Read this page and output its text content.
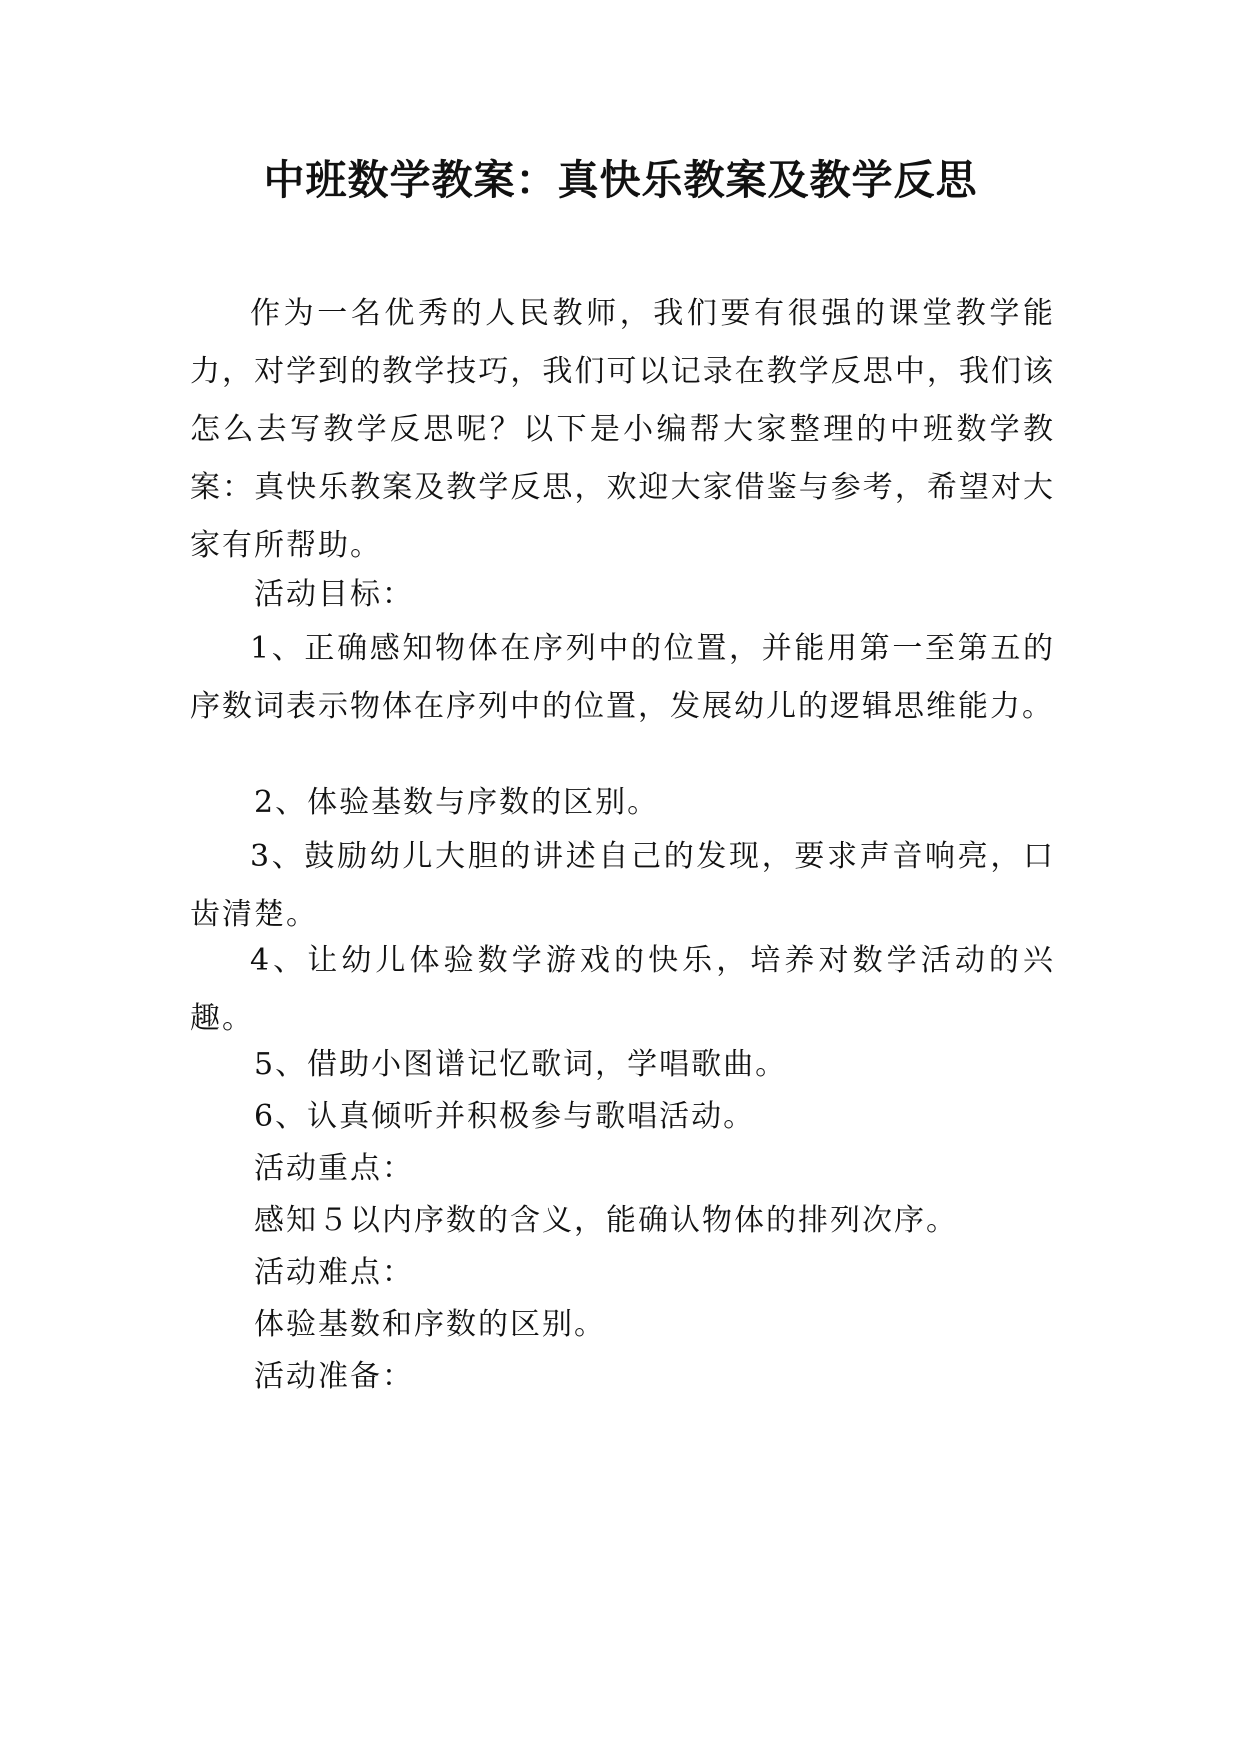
中班数学教案：真快乐教案及教学反思
作为一名优秀的人民教师，我们要有很强的课堂教学能力，对学到的教学技巧，我们可以记录在教学反思中，我们该怎么去写教学反思呢？以下是小编帮大家整理的中班数学教案：真快乐教案及教学反思，欢迎大家借鉴与参考，希望对大家有所帮助。
活动目标：
1、正确感知物体在序列中的位置，并能用第一至第五的序数词表示物体在序列中的位置，发展幼儿的逻辑思维能力。
2、体验基数与序数的区别。
3、鼓励幼儿大胆的讲述自己的发现，要求声音响亮，口齿清楚。
4、让幼儿体验数学游戏的快乐，培养对数学活动的兴趣。
5、借助小图谱记忆歌词，学唱歌曲。
6、认真倾听并积极参与歌唱活动。
活动重点：
感知５以内序数的含义，能确认物体的排列次序。
活动难点：
体验基数和序数的区别。
活动准备：
